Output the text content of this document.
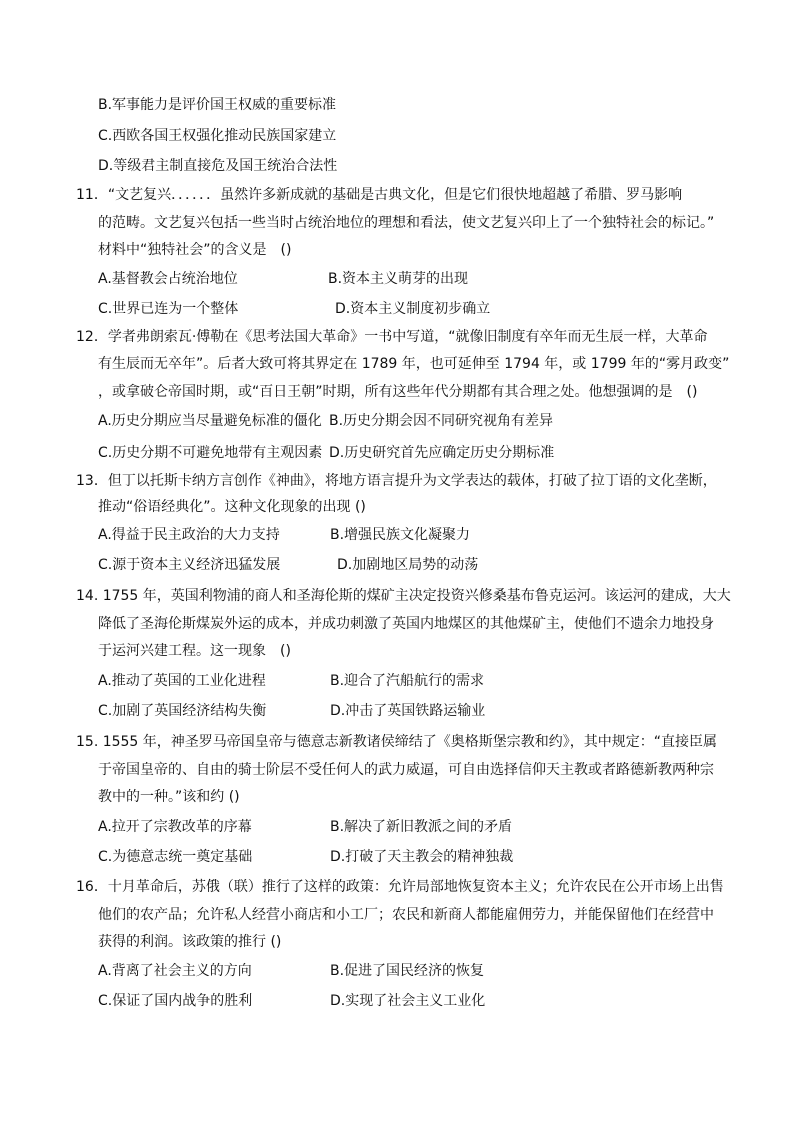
B.军事能力是评价国王权威的重要标准
C.西欧各国王权强化推动民族国家建立
D.等级君主制直接危及国王统治合法性
11．“文艺复兴．．．．．．虽然许多新成就的基础是古典文化，但是它们很快地超越了希腊、罗马影响
的范畴。文艺复兴包括一些当时占统治地位的理想和看法，使文艺复兴印上了一个独特社会的标记。”
材料中“独特社会”的含义是　()
A.基督教会占统治地位	B.资本主义萌芽的出现
C.世界已连为一个整体	D.资本主义制度初步确立
12．学者弗朗索瓦·傅勒在《思考法国大革命》一书中写道，“就像旧制度有卒年而无生辰一样，大革命
有生辰而无卒年”。后者大致可将其界定在 1789 年，也可延伸至 1794 年，或 1799 年的“雾月政变”
，或拿破仑帝国时期，或“百日王朝”时期，所有这些年代分期都有其合理之处。他想强调的是　()
A.历史分期应当尽量避免标准的僵化 B.历史分期会因不同研究视角有差异
C.历史分期不可避免地带有主观因素 D.历史研究首先应确定历史分期标准
13．但丁以托斯卡纳方言创作《神曲》，将地方语言提升为文学表达的载体，打破了拉丁语的文化垄断，
推动“俗语经典化”。这种文化现象的出现 ()
A.得益于民主政治的大力支持	B.增强民族文化凝聚力
C.源于资本主义经济迅猛发展	D.加剧地区局势的动荡
14. 1755 年，英国利物浦的商人和圣海伦斯的煤矿主决定投资兴修桑基布鲁克运河。该运河的建成，大大
降低了圣海伦斯煤炭外运的成本，并成功刺激了英国内地煤区的其他煤矿主，使他们不遗余力地投身
于运河兴建工程。这一现象　()
A.推动了英国的工业化进程	B.迎合了汽船航行的需求
C.加剧了英国经济结构失衡	D.冲击了英国铁路运输业
15. 1555 年，神圣罗马帝国皇帝与德意志新教诸侯缔结了《奥格斯堡宗教和约》，其中规定：“直接臣属
于帝国皇帝的、自由的骑士阶层不受任何人的武力威逼，可自由选择信仰天主教或者路德新教两种宗
教中的一种。”该和约 ()
A.拉开了宗教改革的序幕	B.解决了新旧教派之间的矛盾
C.为德意志统一奠定基础	D.打破了天主教会的精神独裁
16．十月革命后，苏俄（联）推行了这样的政策：允许局部地恢复资本主义；允许农民在公开市场上出售
他们的农产品；允许私人经营小商店和小工厂；农民和新商人都能雇佣劳力，并能保留他们在经营中
获得的利润。该政策的推行 ()
A.背离了社会主义的方向	B.促进了国民经济的恢复
C.保证了国内战争的胜利	D.实现了社会主义工业化
